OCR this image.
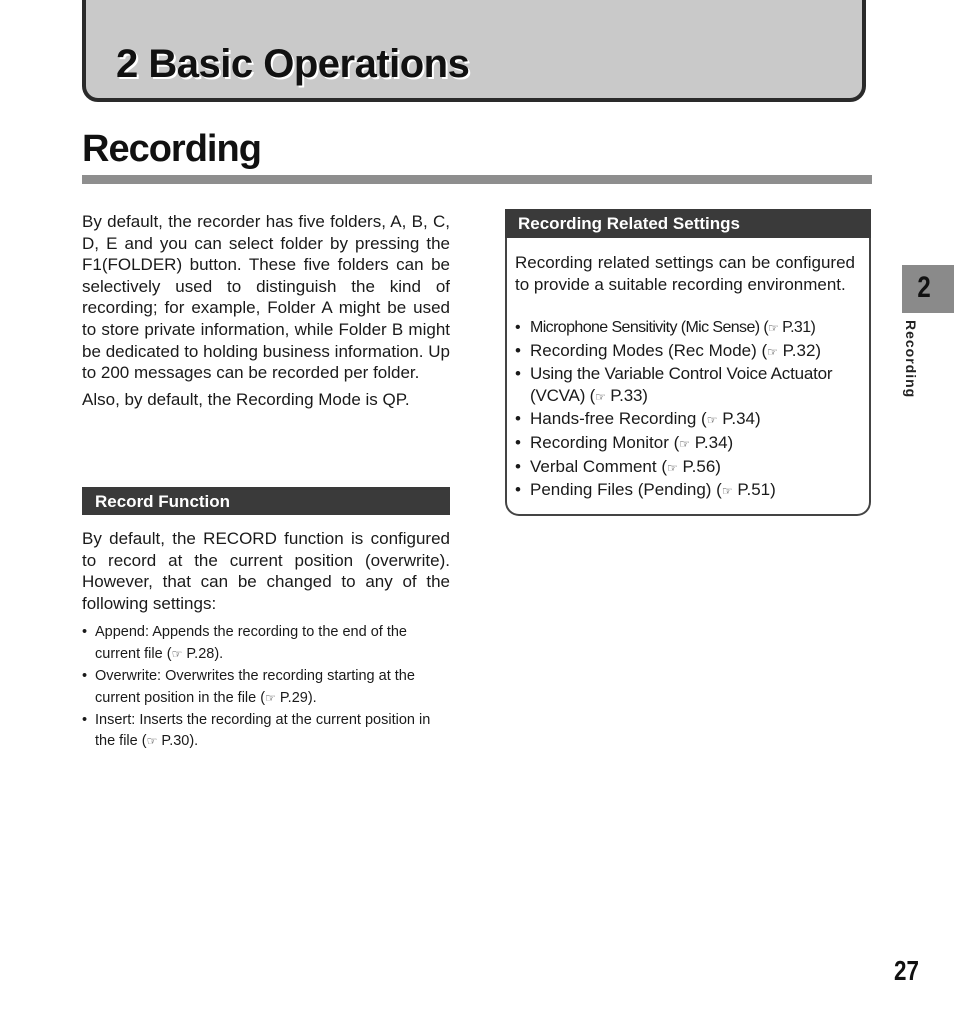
2 Basic Operations
Recording

By default, the recorder has five folders, A, B, C, D, E and you can select folder by pressing the F1(FOLDER) button. These five folders can be selectively used to distinguish the kind of recording; for example, Folder A might be used to store private information, while Folder B might be dedicated to holding business information. Up to 200 messages can be recorded per folder.

Also, by default, the Recording Mode is QP.

Record Function

By default, the RECORD function is configured to record at the current position (overwrite). However, that can be changed to any of the following settings:

• Append: Appends the recording to the end of the current file (☞ P.28).
• Overwrite: Overwrites the recording starting at the current position in the file (☞ P.29).
• Insert: Inserts the recording at the current position in the file (☞ P.30).
Recording Related Settings

Recording related settings can be configured to provide a suitable recording environment.

• Microphone Sensitivity (Mic Sense) (☞ P.31)
• Recording Modes (Rec Mode) (☞ P.32)
• Using the Variable Control Voice Actuator (VCVA) (☞ P.33)
• Hands-free Recording (☞ P.34)
• Recording Monitor (☞ P.34)
• Verbal Comment (☞ P.56)
• Pending Files (Pending) (☞ P.51)
2
Recording
27
